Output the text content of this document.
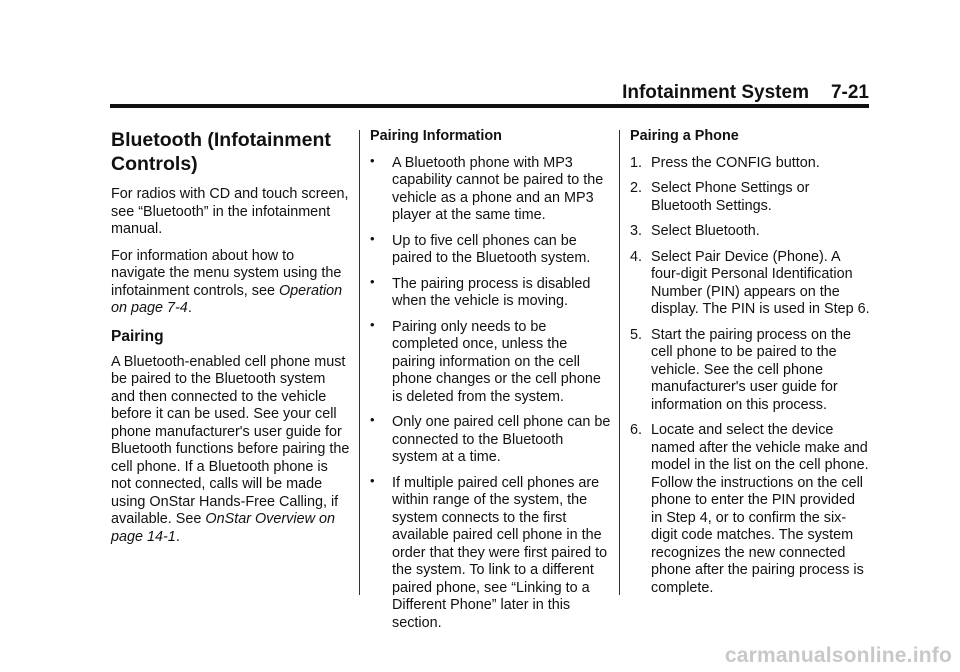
Infotainment System 7-21
Bluetooth (Infotainment Controls)

For radios with CD and touch screen, see “Bluetooth” in the infotainment manual.

For information about how to navigate the menu system using the infotainment controls, see Operation on page 7-4.

Pairing

A Bluetooth-enabled cell phone must be paired to the Bluetooth system and then connected to the vehicle before it can be used. See your cell phone manufacturer's user guide for Bluetooth functions before pairing the cell phone. If a Bluetooth phone is not connected, calls will be made using OnStar Hands-Free Calling, if available. See OnStar Overview on page 14-1.

Pairing Information
• A Bluetooth phone with MP3 capability cannot be paired to the vehicle as a phone and an MP3 player at the same time.
• Up to five cell phones can be paired to the Bluetooth system.
• The pairing process is disabled when the vehicle is moving.
• Pairing only needs to be completed once, unless the pairing information on the cell phone changes or the cell phone is deleted from the system.
• Only one paired cell phone can be connected to the Bluetooth system at a time.
• If multiple paired cell phones are within range of the system, the system connects to the first available paired cell phone in the order that they were first paired to the system. To link to a different paired phone, see “Linking to a Different Phone” later in this section.
Pairing a Phone
1. Press the CONFIG button.
2. Select Phone Settings or Bluetooth Settings.
3. Select Bluetooth.
4. Select Pair Device (Phone). A four-digit Personal Identification Number (PIN) appears on the display. The PIN is used in Step 6.
5. Start the pairing process on the cell phone to be paired to the vehicle. See the cell phone manufacturer's user guide for information on this process.
6. Locate and select the device named after the vehicle make and model in the list on the cell phone. Follow the instructions on the cell phone to enter the PIN provided in Step 4, or to confirm the six-digit code matches. The system recognizes the new connected phone after the pairing process is complete.
carmanualsonline.info
